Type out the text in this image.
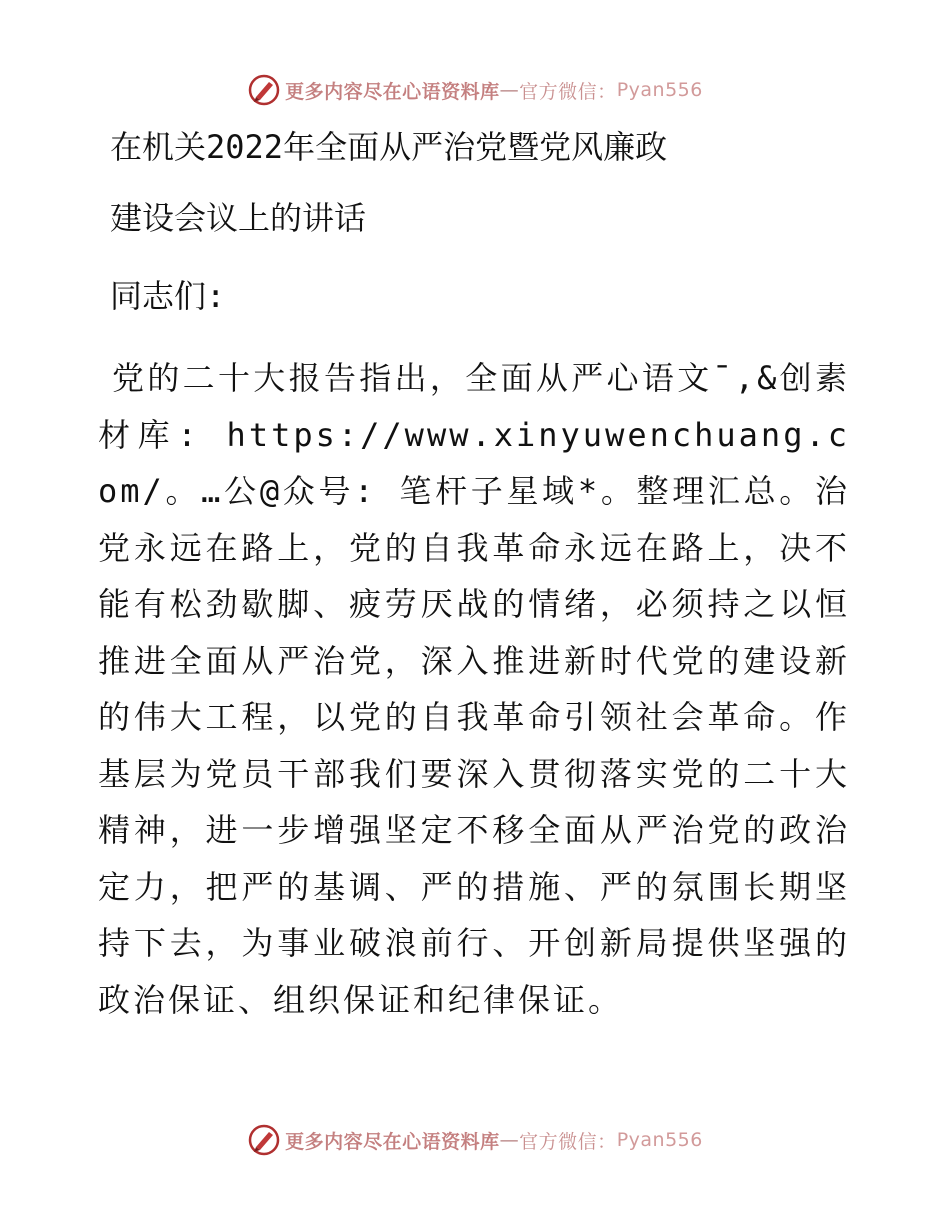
更多内容尽在心语资料库 — 官方微信： Pyan556
在机关2022年全面从严治党暨党风廉政
建设会议上的讲话
同志们:
党的二十大报告指出，全面从严心语文¯,&创素材库: https://www.xinyuwenchuang.com/。…公@众号: 笔杆子星域*。整理汇总。治党永远在路上，党的自我革命永远在路上，决不能有松劲歇脚、疲劳厌战的情绪，必须持之以恒推进全面从严治党，深入推进新时代党的建设新的伟大工程，以党的自我革命引领社会革命。作基层为党员干部我们要深入贯彻落实党的二十大精神，进一步增强坚定不移全面从严治党的政治定力，把严的基调、严的措施、严的氛围长期坚持下去，为事业破浪前行、开创新局提供坚强的政治保证、组织保证和纪律保证。
更多内容尽在心语资料库 — 官方微信： Pyan556
